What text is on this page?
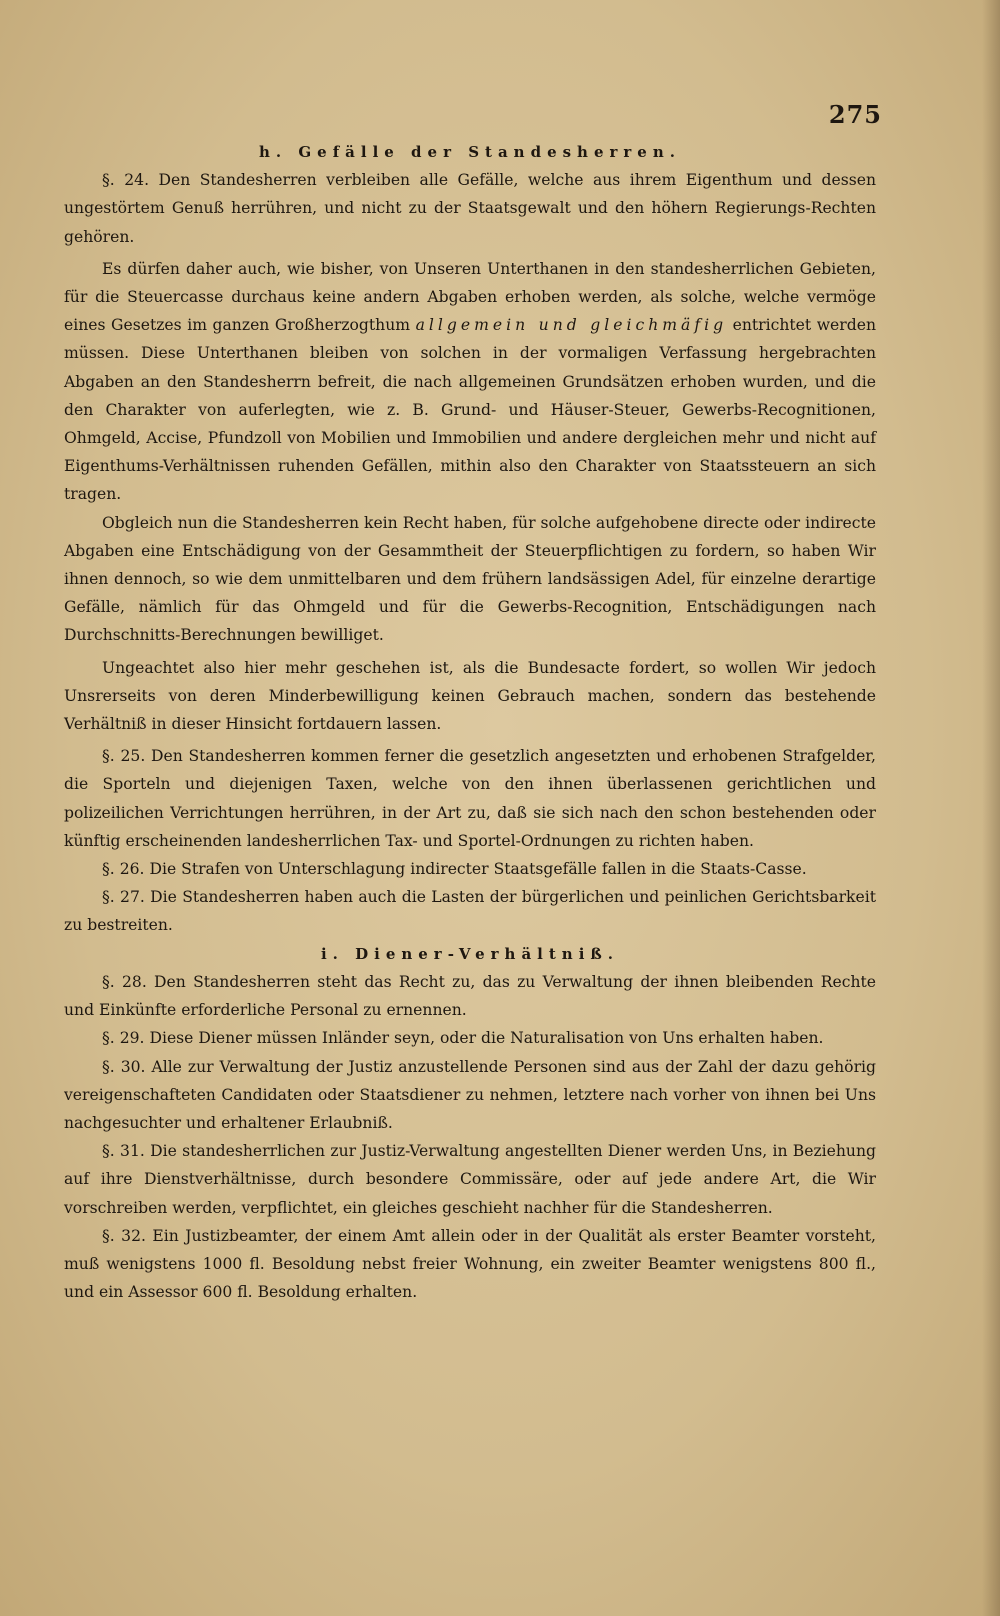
275
h. Gefälle der Standesherren.

§. 24. Den Standesherren verbleiben alle Gefälle, welche aus ihrem Eigenthum und dessen ungestörtem Genuß herrühren, und nicht zu der Staatsgewalt und den höhern Regierungs-Rechten gehören.

Es dürfen daher auch, wie bisher, von Unseren Unterthanen in den standesherrlichen Gebieten, für die Steuercasse durchaus keine andern Abgaben erhoben werden, als solche, welche vermöge eines Gesetzes im ganzen Großherzogthum allgemein und gleichmäfig entrichtet werden müssen. Diese Unterthanen bleiben von solchen in der vormaligen Verfassung hergebrachten Abgaben an den Standesherrn befreit, die nach allgemeinen Grundsätzen erhoben wurden, und die den Charakter von auferlegten, wie z. B. Grund- und Häuser-Steuer, Gewerbs-Recognitionen, Ohmgeld, Accise, Pfundzoll von Mobilien und Immobilien und andere dergleichen mehr und nicht auf Eigenthums-Verhältnissen ruhenden Gefällen, mithin also den Charakter von Staatssteuern an sich tragen.

Obgleich nun die Standesherren kein Recht haben, für solche aufgehobene directe oder indirecte Abgaben eine Entschädigung von der Gesammtheit der Steuerpflichtigen zu fordern, so haben Wir ihnen dennoch, so wie dem unmittelbaren und dem frühern landsässigen Adel, für einzelne derartige Gefälle, nämlich für das Ohmgeld und für die Gewerbs-Recognition, Entschädigungen nach Durchschnitts-Berechnungen bewilliget.

Ungeachtet also hier mehr geschehen ist, als die Bundesacte fordert, so wollen Wir jedoch Unsrerseits von deren Minderbewilligung keinen Gebrauch machen, sondern das bestehende Verhältniß in dieser Hinsicht fortdauern lassen.

§. 25. Den Standesherren kommen ferner die gesetzlich angesetzten und erhobenen Strafgelder, die Sporteln und diejenigen Taxen, welche von den ihnen überlassenen gerichtlichen und polizeilichen Verrichtungen herrühren, in der Art zu, daß sie sich nach den schon bestehenden oder künftig erscheinenden landesherrlichen Tax- und Sportel-Ordnungen zu richten haben.

§. 26. Die Strafen von Unterschlagung indirecter Staatsgefälle fallen in die Staats-Casse.

§. 27. Die Standesherren haben auch die Lasten der bürgerlichen und peinlichen Gerichtsbarkeit zu bestreiten.

i. Diener-Verhältniß.

§. 28. Den Standesherren steht das Recht zu, das zu Verwaltung der ihnen bleibenden Rechte und Einkünfte erforderliche Personal zu ernennen.

§. 29. Diese Diener müssen Inländer seyn, oder die Naturalisation von Uns erhalten haben.

§. 30. Alle zur Verwaltung der Justiz anzustellende Personen sind aus der Zahl der dazu gehörig vereigenschafteten Candidaten oder Staatsdiener zu nehmen, letztere nach vorher von ihnen bei Uns nachgesuchter und erhaltener Erlaubniß.

§. 31. Die standesherrlichen zur Justiz-Verwaltung angestellten Diener werden Uns, in Beziehung auf ihre Dienstverhältnisse, durch besondere Commissäre, oder auf jede andere Art, die Wir vorschreiben werden, verpflichtet, ein gleiches geschieht nachher für die Standesherren.

§. 32. Ein Justizbeamter, der einem Amt allein oder in der Qualität als erster Beamter vorsteht, muß wenigstens 1000 fl. Besoldung nebst freier Wohnung, ein zweiter Beamter wenigstens 800 fl., und ein Assessor 600 fl. Besoldung erhalten.
